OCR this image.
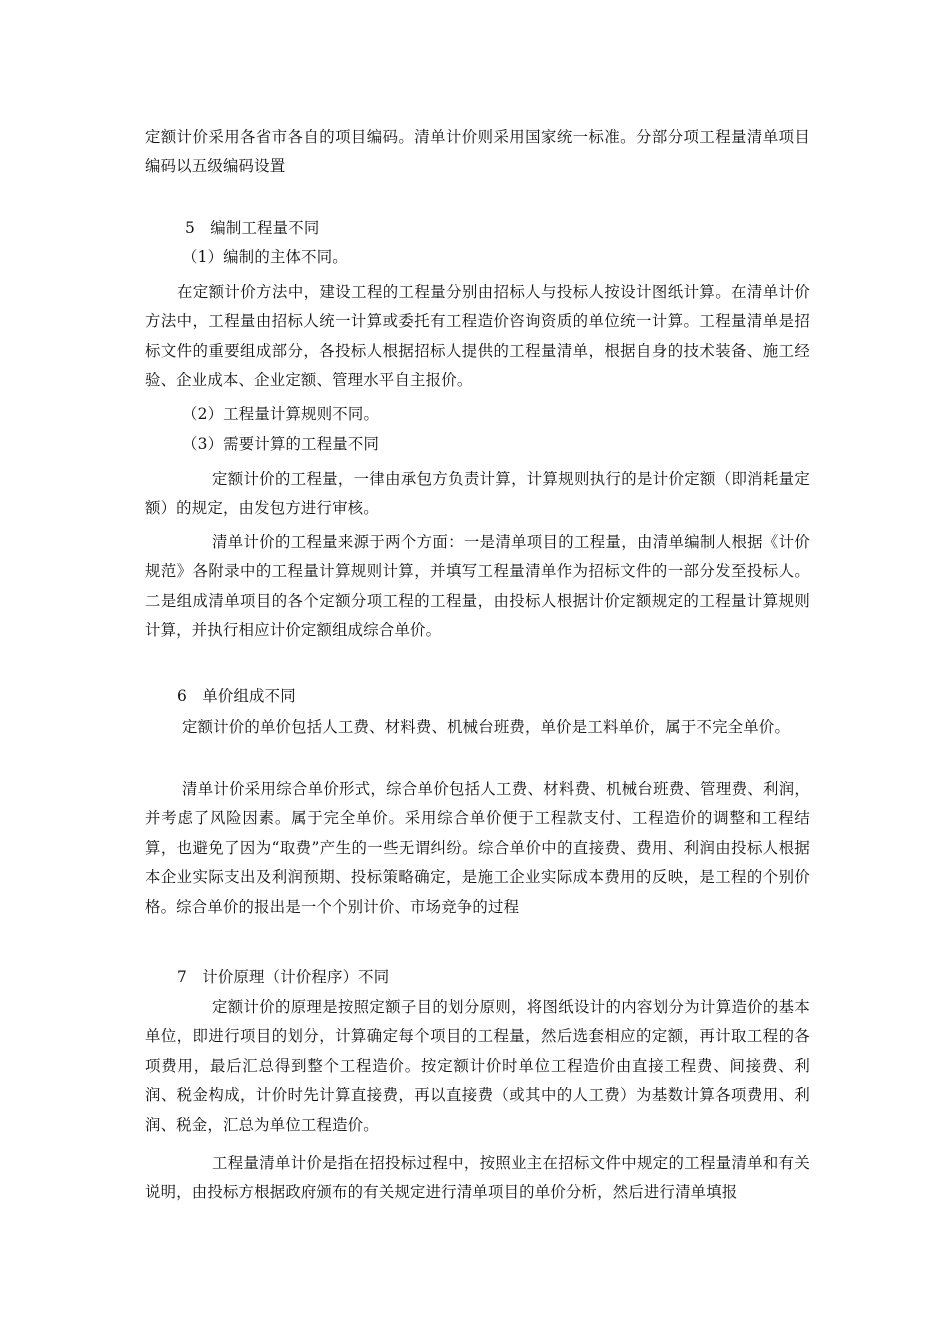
定额计价采用各省市各自的项目编码。清单计价则采用国家统一标准。分部分项工程量清单项目编码以五级编码设置

5   编制工程量不同

（1）编制的主体不同。

在定额计价方法中，建设工程的工程量分别由招标人与投标人按设计图纸计算。在清单计价方法中，工程量由招标人统一计算或委托有工程造价咨询资质的单位统一计算。工程量清单是招标文件的重要组成部分，各投标人根据招标人提供的工程量清单，根据自身的技术装备、施工经验、企业成本、企业定额、管理水平自主报价。

（2）工程量计算规则不同。

（3）需要计算的工程量不同

定额计价的工程量，一律由承包方负责计算，计算规则执行的是计价定额（即消耗量定额）的规定，由发包方进行审核。

清单计价的工程量来源于两个方面：一是清单项目的工程量，由清单编制人根据《计价规范》各附录中的工程量计算规则计算，并填写工程量清单作为招标文件的一部分发至投标人。二是组成清单项目的各个定额分项工程的工程量，由投标人根据计价定额规定的工程量计算规则计算，并执行相应计价定额组成综合单价。

6   单价组成不同

定额计价的单价包括人工费、材料费、机械台班费，单价是工料单价，属于不完全单价。

清单计价采用综合单价形式，综合单价包括人工费、材料费、机械台班费、管理费、利润，并考虑了风险因素。属于完全单价。采用综合单价便于工程款支付、工程造价的调整和工程结算，也避免了因为“取费”产生的一些无谓纠纷。综合单价中的直接费、费用、利润由投标人根据本企业实际支出及利润预期、投标策略确定，是施工企业实际成本费用的反映，是工程的个别价格。综合单价的报出是一个个别计价、市场竞争的过程

7   计价原理（计价程序）不同

定额计价的原理是按照定额子目的划分原则，将图纸设计的内容划分为计算造价的基本单位，即进行项目的划分，计算确定每个项目的工程量，然后选套相应的定额，再计取工程的各项费用，最后汇总得到整个工程造价。按定额计价时单位工程造价由直接工程费、间接费、利润、税金构成，计价时先计算直接费，再以直接费（或其中的人工费）为基数计算各项费用、利润、税金，汇总为单位工程造价。

工程量清单计价是指在招投标过程中，按照业主在招标文件中规定的工程量清单和有关说明，由投标方根据政府颁布的有关规定进行清单项目的单价分析，然后进行清单填报
